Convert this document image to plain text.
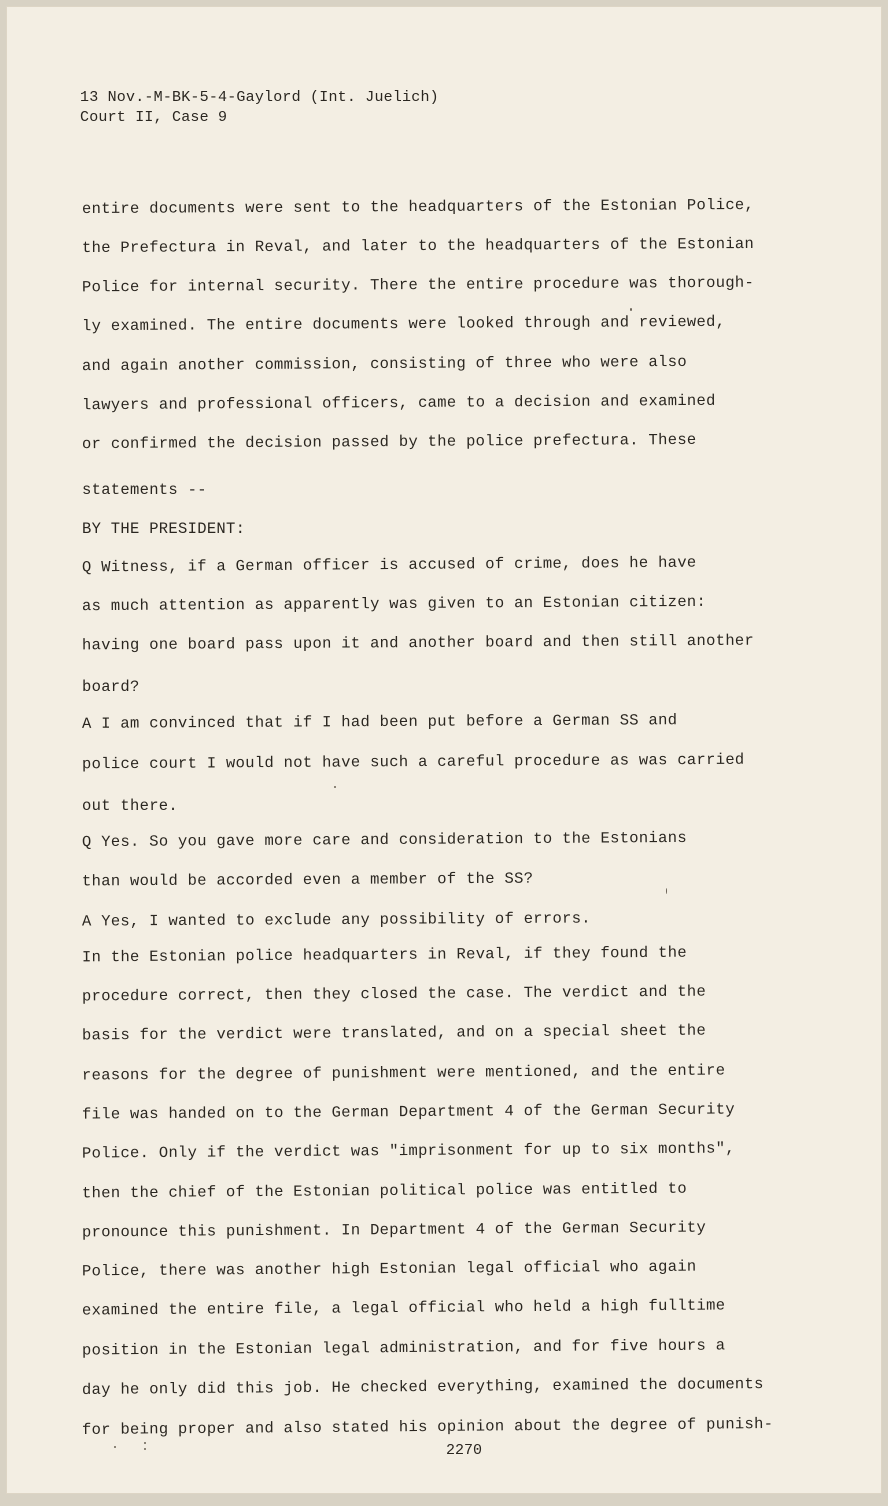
13 Nov.-M-BK-5-4-Gaylord (Int. Juelich)
Court II, Case 9
entire documents were sent to the headquarters of the Estonian Police,
the Prefectura in Reval, and later to the headquarters of the Estonian
Police for internal security. There the entire procedure was thorough-
ly examined. The entire documents were looked through and reviewed,
and again another commission, consisting of three who were also
lawyers and professional officers, came to a decision and examined
or confirmed the decision passed by the police prefectura. These
statements --
BY THE PRESIDENT:
Q Witness, if a German officer is accused of crime, does he have
as much attention as apparently was given to an Estonian citizen:
having one board pass upon it and another board and then still another
board?
A I am convinced that if I had been put before a German SS and
police court I would not have such a careful procedure as was carried
out there.
Q Yes. So you gave more care and consideration to the Estonians
than would be accorded even a member of the SS?
A Yes, I wanted to exclude any possibility of errors.
In the Estonian police headquarters in Reval, if they found the
procedure correct, then they closed the case. The verdict and the
basis for the verdict were translated, and on a special sheet the
reasons for the degree of punishment were mentioned, and the entire
file was handed on to the German Department 4 of the German Security
Police. Only if the verdict was "imprisonment for up to six months",
then the chief of the Estonian political police was entitled to
pronounce this punishment. In Department 4 of the German Security
Police, there was another high Estonian legal official who again
examined the entire file, a legal official who held a high fulltime
position in the Estonian legal administration, and for five hours a
day he only did this job. He checked everything, examined the documents
for being proper and also stated his opinion about the degree of punish-
2270
